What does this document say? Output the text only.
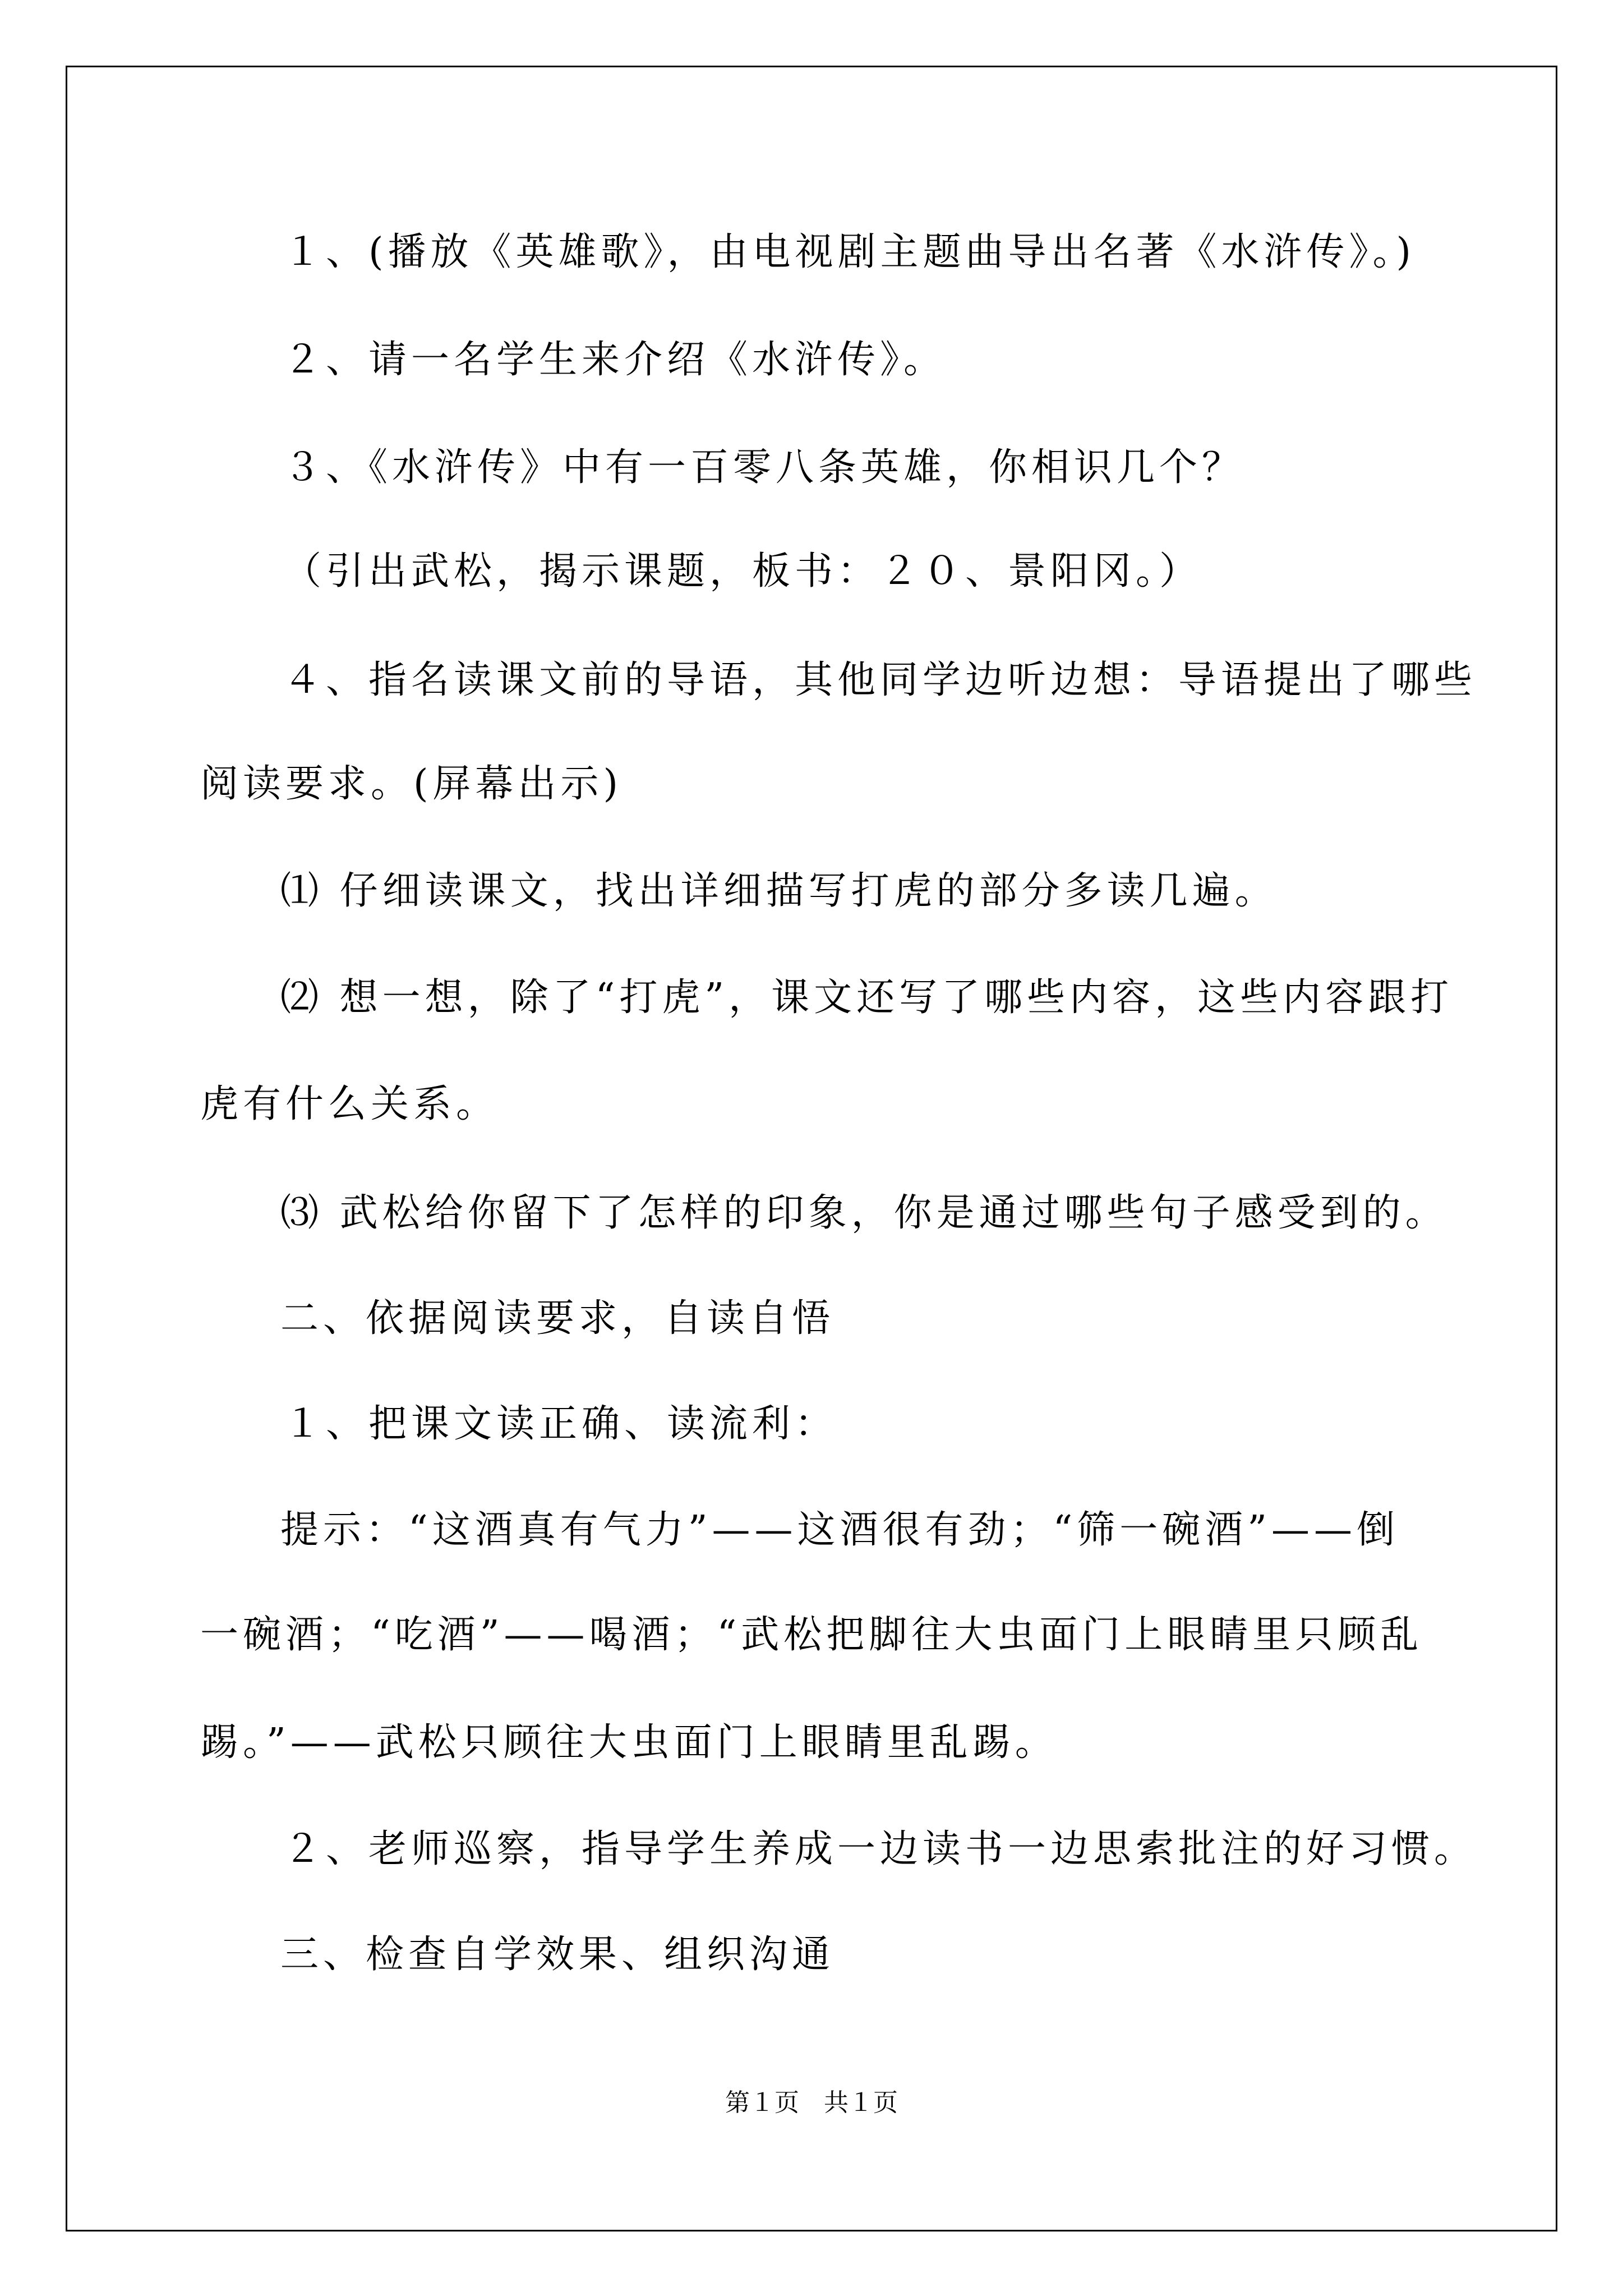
１、(播放《英雄歌》，由电视剧主题曲导出名著《水浒传》。)
２、请一名学生来介绍《水浒传》。
３、《水浒传》中有一百零八条英雄，你相识几个？
（引出武松，揭示课题，板书：２０、景阳冈。）
４、指名读课文前的导语，其他同学边听边想：导语提出了哪些
阅读要求。(屏幕出示)
⑴ 仔细读课文，找出详细描写打虎的部分多读几遍。
⑵ 想一想，除了“打虎”，课文还写了哪些内容，这些内容跟打
虎有什么关系。
⑶ 武松给你留下了怎样的印象，你是通过哪些句子感受到的。
二、依据阅读要求，自读自悟
１、把课文读正确、读流利：
提示：“这酒真有气力”——这酒很有劲；“筛一碗酒”——倒
一碗酒；“吃酒”——喝酒；“武松把脚往大虫面门上眼睛里只顾乱
踢。”——武松只顾往大虫面门上眼睛里乱踢。
２、老师巡察，指导学生养成一边读书一边思索批注的好习惯。
三、检查自学效果、组织沟通
第１页　共１页
